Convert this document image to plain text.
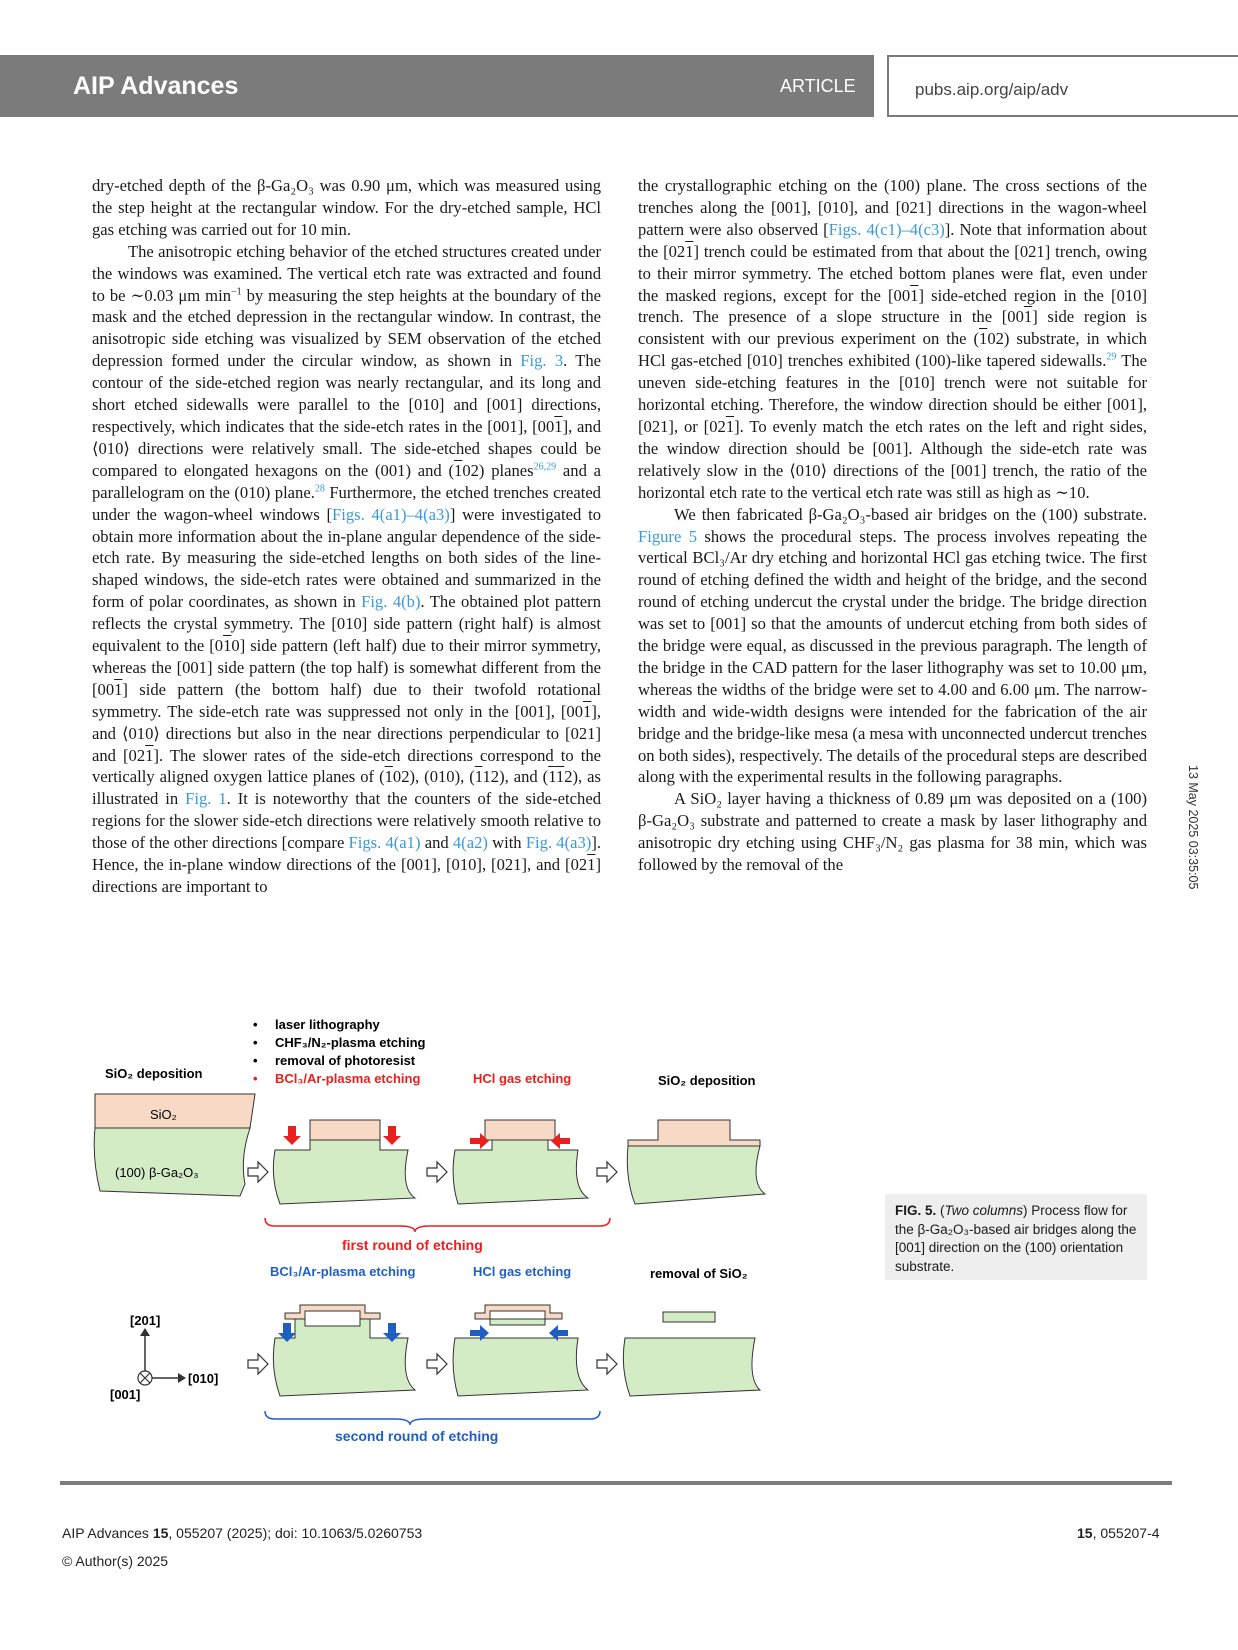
AIP Advances	ARTICLE	pubs.aip.org/aip/adv
13 May 2025 03:35:05

dry-etched depth of the β-Ga₂O₃ was 0.90 μm, which was measured using the step height at the rectangular window. For the dry-etched sample, HCl gas etching was carried out for 10 min.

The anisotropic etching behavior of the etched structures created under the windows was examined. The vertical etch rate was extracted and found to be ∼0.03 μm $\min^{-1}$ by measuring the step heights at the boundary of the mask and the etched depression in the rectangular window. In contrast, the anisotropic side etching was visualized by SEM observation of the etched depression formed under the circular window, as shown in Fig. 3. The contour of the side-etched region was nearly rectangular, and its long and short etched sidewalls were parallel to the [010] and [001] directions, respectively, which indicates that the side-etch rates in the [001], [001], and ⟨010⟩ directions were relatively small. The side-etched shapes could be compared to elongated hexagons on the (001) and (102) planes$^{26,29}$ and a parallelogram on the (010) plane.$^{28}$ Furthermore, the etched trenches created under the wagon-wheel windows [Figs. 4(a1)–4(a3)] were investigated to obtain more information about the in-plane angular dependence of the side-etch rate. By measuring the side-etched lengths on both sides of the line-shaped windows, the side-etch rates were obtained and summarized in the form of polar coordinates, as shown in Fig. 4(b). The obtained plot pattern reflects the crystal symmetry. The [010] side pattern (right half) is almost equivalent to the [010] side pattern (left half) due to their mirror symmetry, whereas the [001] side pattern (the top half) is somewhat different from the [001] side pattern (the bottom half) due to their twofold rotational symmetry. The side-etch rate was suppressed not only in the [001], [001], and ⟨010⟩ directions but also in the near directions perpendicular to [021] and [021]. The slower rates of the side-etch directions correspond to the vertically aligned oxygen lattice planes of (102), (010), (112), and (112), as illustrated in Fig. 1. It is noteworthy that the counters of the side-etched regions for the slower side-etch directions were relatively smooth relative to those of the other directions [compare Figs. 4(a1) and 4(a2) with Fig. 4(a3)]. Hence, the in-plane window directions of the [001], [010], [021], and [021] directions are important to

the crystallographic etching on the (100) plane. The cross sections of the trenches along the [001], [010], and [021] directions in the wagon-wheel pattern were also observed [Figs. 4(c1)–4(c3)]. Note that information about the [021] trench could be estimated from that about the [021] trench, owing to their mirror symmetry. The etched bottom planes were flat, even under the masked regions, except for the [001] side-etched region in the [010] trench. The presence of a slope structure in the [001] side region is consistent with our previous experiment on the (102) substrate, in which HCl gas-etched [010] trenches exhibited (100)-like tapered sidewalls.$^{29}$ The uneven side-etching features in the [010] trench were not suitable for horizontal etching. Therefore, the window direction should be either [001], [021], or [021]. To evenly match the etch rates on the left and right sides, the window direction should be [001]. Although the side-etch rate was relatively slow in the ⟨010⟩ directions of the [001] trench, the ratio of the horizontal etch rate to the vertical etch rate was still as high as ∼10.

We then fabricated β-Ga₂O₃-based air bridges on the (100) substrate. Figure 5 shows the procedural steps. The process involves repeating the vertical BCl₃/Ar dry etching and horizontal HCl gas etching twice. The first round of etching defined the width and height of the bridge, and the second round of etching undercut the crystal under the bridge. The bridge direction was set to [001] so that the amounts of undercut etching from both sides of the bridge were equal, as discussed in the previous paragraph. The length of the bridge in the CAD pattern for the laser lithography was set to 10.00 μm, whereas the widths of the bridge were set to 4.00 and 6.00 μm. The narrow-width and wide-width designs were intended for the fabrication of the air bridge and the bridge-like mesa (a mesa with unconnected undercut trenches on both sides), respectively. The details of the procedural steps are described along with the experimental results in the following paragraphs.

A SiO₂ layer having a thickness of 0.89 μm was deposited on a (100) β-Ga₂O₃ substrate and patterned to create a mask by laser lithography and anisotropic dry etching using CHF₃/N₂ gas plasma for 38 min, which was followed by the removal of the

• laser lithography
• CHF₃/N₂-plasma etching
• removal of photoresist
• BCl₃/Ar-plasma etching
SiO₂ deposition	HCl gas etching	SiO₂ deposition
SiO₂
(100) β-Ga₂O₃
first round of etching
BCl₃/Ar-plasma etching	HCl gas etching	removal of SiO₂
[201]
[010]
[001]
second round of etching
FIG. 5. (Two columns) Process flow for the β-Ga₂O₃-based air bridges along the [001] direction on the (100) orientation substrate.
AIP Advances 15, 055207 (2025); doi: 10.1063/5.0260753
© Author(s) 2025
15, 055207-4
